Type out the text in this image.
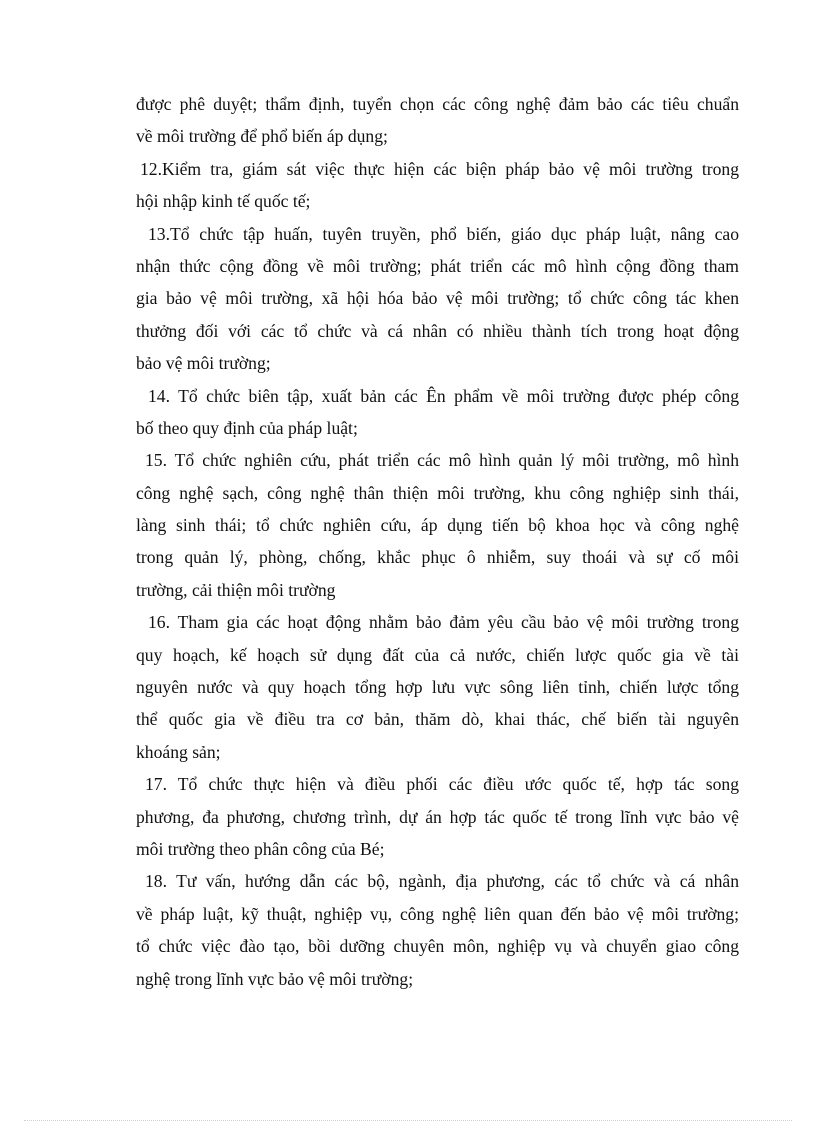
được phê duyệt; thẩm định, tuyển chọn các công nghệ đảm bảo các tiêu chuẩn
về môi trường để phổ biến áp dụng;
12.Kiểm tra, giám sát việc thực hiện các biện pháp bảo vệ môi trường trong
hội nhập kinh tế quốc tế;
13.Tổ chức tập huấn, tuyên truyền, phổ biến, giáo dục pháp luật, nâng cao
nhận thức cộng đồng về môi trường; phát triển các mô hình cộng đồng tham
gia bảo vệ môi trường, xã hội hóa bảo vệ môi trường; tổ chức công tác khen
thưởng đối với các tổ chức và cá nhân có nhiều thành tích trong hoạt động
bảo vệ môi trường;
14. Tổ chức biên tập, xuất bản các Ên phẩm về môi trường được phép công
bố theo quy định của pháp luật;
15. Tổ chức nghiên cứu, phát triển các mô hình quản lý môi trường, mô hình
công nghệ sạch, công nghệ thân thiện môi trường, khu công nghiệp sinh thái,
làng sinh thái; tổ chức nghiên cứu, áp dụng tiến bộ khoa học và công nghệ
trong quản lý, phòng, chống, khắc phục ô nhiễm, suy thoái và sự cố môi
trường, cải thiện môi trường
16. Tham gia các hoạt động nhằm bảo đảm yêu cầu bảo vệ môi trường trong
quy hoạch, kế hoạch sử dụng đất của cả nước, chiến lược quốc gia về tài
nguyên nước và quy hoạch tổng hợp lưu vực sông liên tỉnh, chiến lược tổng
thể quốc gia về điều tra cơ bản, thăm dò, khai thác, chế biến tài nguyên
khoáng sản;
17. Tổ chức thực hiện và điều phối các điều ước quốc tế, hợp tác song
phương, đa phương, chương trình, dự án hợp tác quốc tế trong lĩnh vực bảo vệ
môi trường theo phân công của Bé;
18. Tư vấn, hướng dẫn các bộ, ngành, địa phương, các tổ chức và cá nhân
về pháp luật, kỹ thuật, nghiệp vụ, công nghệ liên quan đến bảo vệ môi trường;
tổ chức việc đào tạo, bồi dưỡng chuyên môn, nghiệp vụ và chuyển giao công
nghệ trong lĩnh vực bảo vệ môi trường;
